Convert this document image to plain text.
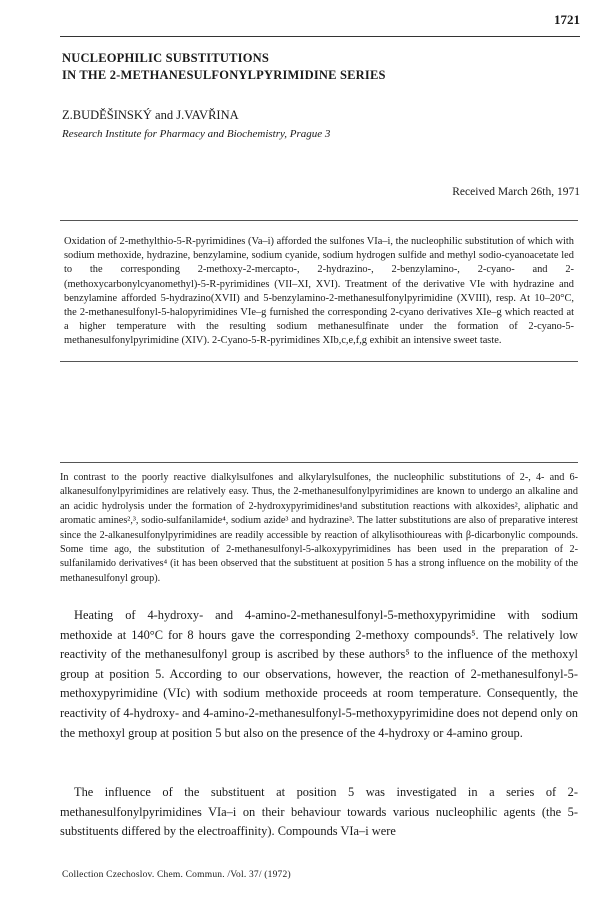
1721
NUCLEOPHILIC SUBSTITUTIONS
IN THE 2-METHANESULFONYLPYRIMIDINE SERIES
Z.BUDĚŠINSKÝ and J.VAVŘINA
Research Institute for Pharmacy and Biochemistry, Prague 3
Received March 26th, 1971
Oxidation of 2-methylthio-5-R-pyrimidines (Va–i) afforded the sulfones VIa–i, the nucleophilic substitution of which with sodium methoxide, hydrazine, benzylamine, sodium cyanide, sodium hydrogen sulfide and methyl sodio-cyanoacetate led to the corresponding 2-methoxy-2-mercapto-, 2-hydrazino-, 2-benzylamino-, 2-cyano- and 2-(methoxycarbonylcyanomethyl)-5-R-pyrimidines (VII–XI, XVI). Treatment of the derivative VIe with hydrazine and benzylamine afforded 5-hydrazino(XVII) and 5-benzylamino-2-methanesulfonylpyrimidine (XVIII), resp. At 10–20°C, the 2-methanesulfonyl-5-halopyrimidines VIe–g furnished the corresponding 2-cyano derivatives XIe–g which reacted at a higher temperature with the resulting sodium methanesulfinate under the formation of 2-cyano-5-methanesulfonylpyrimidine (XIV). 2-Cyano-5-R-pyrimidines XIb,c,e,f,g exhibit an intensive sweet taste.
In contrast to the poorly reactive dialkylsulfones and alkylarylsulfones, the nucleophilic substitutions of 2-, 4- and 6-alkanesulfonylpyrimidines are relatively easy. Thus, the 2-methanesulfonylpyrimidines are known to undergo an alkaline and an acidic hydrolysis under the formation of 2-hydroxypyrimidines¹and substitution reactions with alkoxides², aliphatic and aromatic amines²,³, sodio-sulfanilamide⁴, sodium azide³ and hydrazine³. The latter substitutions are also of preparative interest since the 2-alkanesulfonylpyrimidines are readily accessible by reaction of alkylisothioureas with β-dicarbonylic compounds. Some time ago, the substitution of 2-methanesulfonyl-5-alkoxypyrimidines has been used in the preparation of 2-sulfanilamido derivatives⁴ (it has been observed that the substituent at position 5 has a strong influence on the mobility of the methanesulfonyl group).

Heating of 4-hydroxy- and 4-amino-2-methanesulfonyl-5-methoxypyrimidine with sodium methoxide at 140°C for 8 hours gave the corresponding 2-methoxy compounds⁵. The relatively low reactivity of the methanesulfonyl group is ascribed by these authors⁵ to the influence of the methoxyl group at position 5. According to our observations, however, the reaction of 2-methanesulfonyl-5-methoxypyrimidine (VIc) with sodium methoxide proceeds at room temperature. Consequently, the reactivity of 4-hydroxy- and 4-amino-2-methanesulfonyl-5-methoxypyrimidine does not depend only on the methoxyl group at position 5 but also on the presence of the 4-hydroxy or 4-amino group.

The influence of the substituent at position 5 was investigated in a series of 2-methanesulfonylpyrimidines VIa–i on their behaviour towards various nucleophilic agents (the 5-substituents differed by the electroaffinity). Compounds VIa–i were

Collection Czechoslov. Chem. Commun. /Vol. 37/ (1972)
